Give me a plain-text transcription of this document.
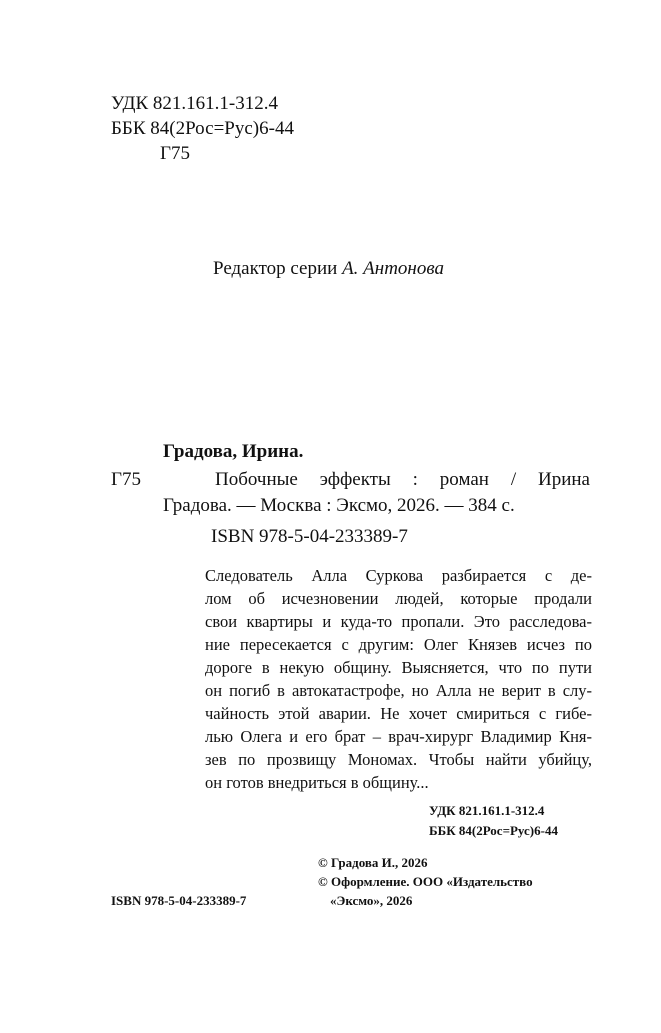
УДК 821.161.1-312.4
ББК 84(2Рос=Рус)6-44
Г75
Редактор серии А. Антонова
Градова, Ирина.
Г75	Побочные эффекты : роман / Ирина
Градова. — Москва : Эксмо, 2026. — 384 с.
ISBN 978-5-04-233389-7
Следователь Алла Суркова разбирается с де-
лом об исчезновении людей, которые продали
свои квартиры и куда-то пропали. Это расследова-
ние пересекается с другим: Олег Князев исчез по
дороге в некую общину. Выясняется, что по пути
он погиб в автокатастрофе, но Алла не верит в слу-
чайность этой аварии. Не хочет смириться с гибе-
лью Олега и его брат – врач-хирург Владимир Кня-
зев по прозвищу Мономах. Чтобы найти убийцу,
он готов внедриться в общину...
УДК 821.161.1-312.4
ББК 84(2Рос=Рус)6-44
© Градова И., 2026
© Оформление. ООО «Издательство
«Эксмо», 2026
ISBN 978-5-04-233389-7
